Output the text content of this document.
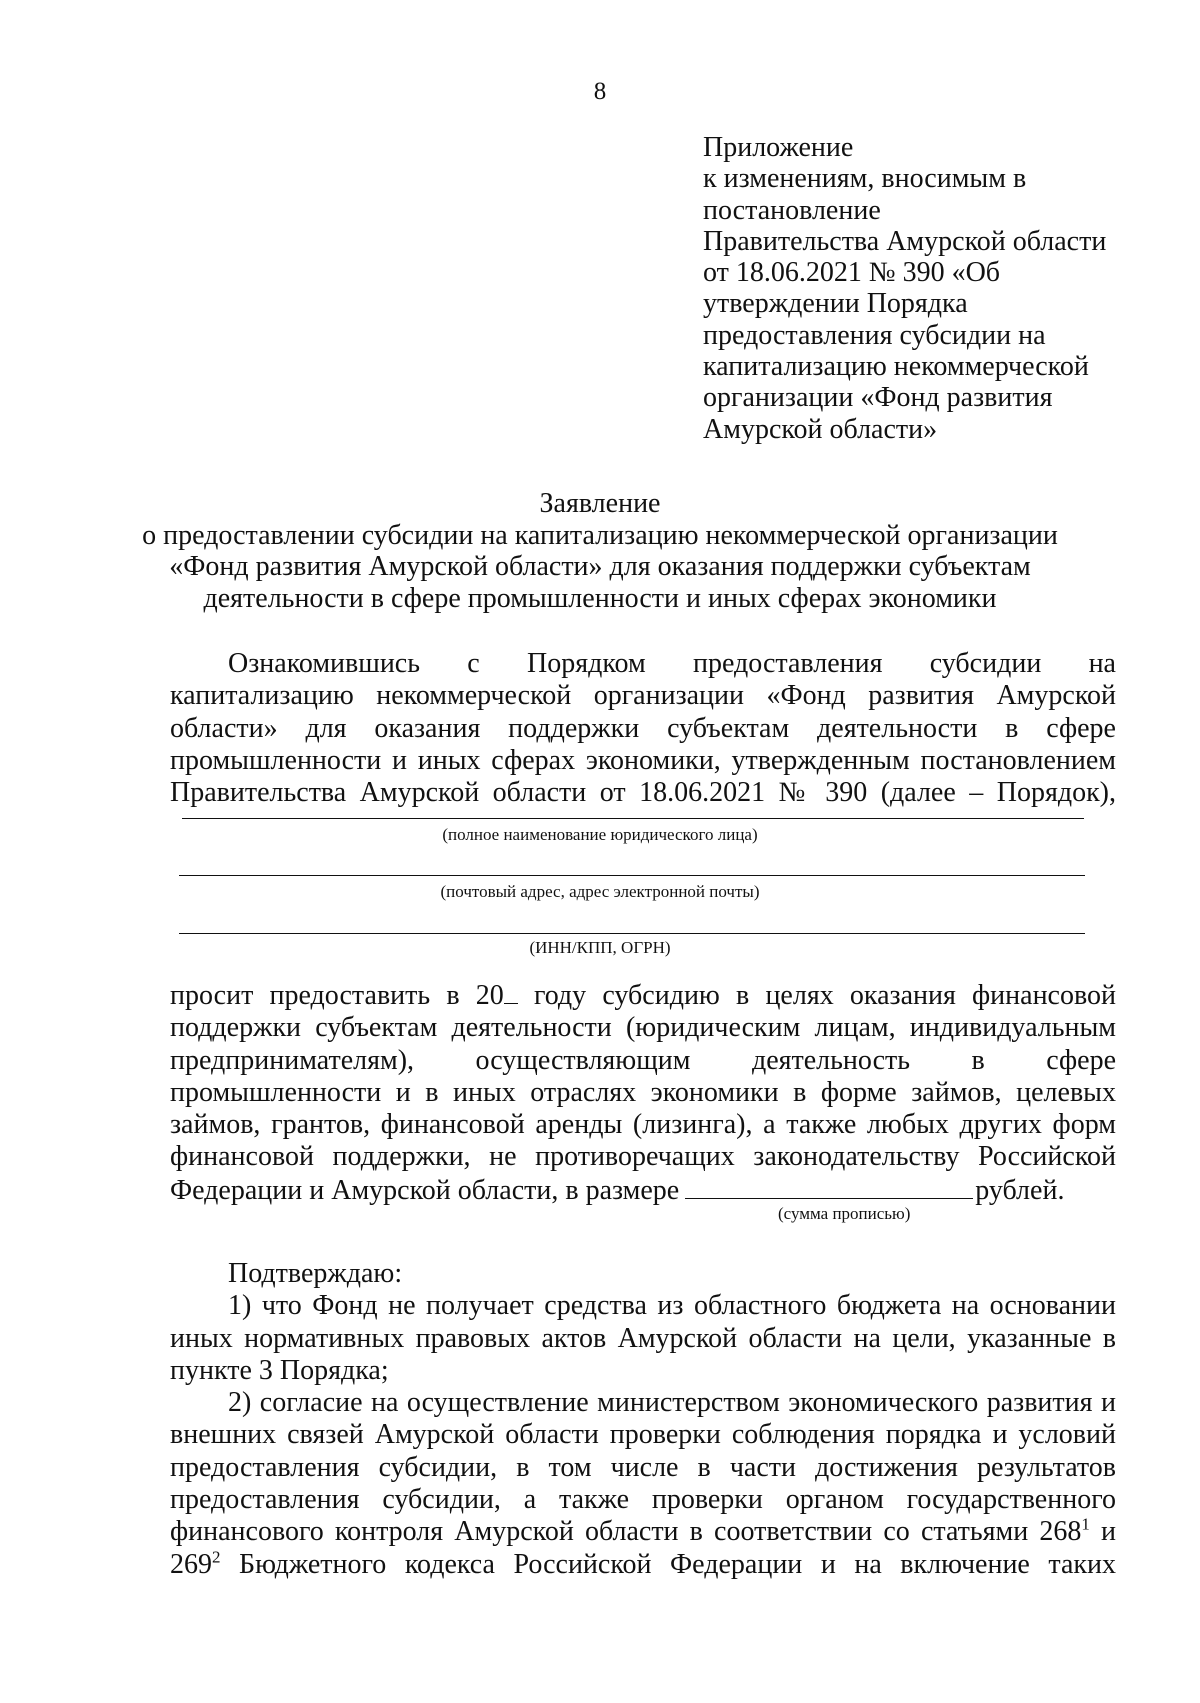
8
Приложение
к изменениям, вносимым в
постановление
Правительства Амурской области
от 18.06.2021 № 390 «Об
утверждении Порядка
предоставления субсидии на
капитализацию некоммерческой
организации «Фонд развития
Амурской области»
Заявление
о предоставлении субсидии на капитализацию некоммерческой организации
«Фонд развития Амурской области» для оказания поддержки субъектам
деятельности в сфере промышленности и иных сферах экономики
Ознакомившись с Порядком предоставления субсидии на
капитализацию некоммерческой организации «Фонд развития Амурской
области» для оказания поддержки субъектам деятельности в сфере
промышленности и иных сферах экономики, утвержденным постановлением
Правительства Амурской области от 18.06.2021 № 390 (далее – Порядок),
(полное наименование юридического лица)
(почтовый адрес, адрес электронной почты)
(ИНН/КПП, ОГРН)
просит предоставить в 20 году субсидию в целях оказания финансовой
поддержки субъектам деятельности (юридическим лицам, индивидуальным
предпринимателям), осуществляющим деятельность в сфере
промышленности и в иных отраслях экономики в форме займов, целевых
займов, грантов, финансовой аренды (лизинга), а также любых других форм
финансовой поддержки, не противоречащих законодательству Российской
Федерации и Амурской области, в размере	рублей.
(сумма прописью)
Подтверждаю:
1) что Фонд не получает средства из областного бюджета на основании
иных нормативных правовых актов Амурской области на цели, указанные в
пункте 3 Порядка;
2) согласие на осуществление министерством экономического развития и
внешних связей Амурской области проверки соблюдения порядка и условий
предоставления субсидии, в том числе в части достижения результатов
предоставления субсидии, а также проверки органом государственного
финансового контроля Амурской области в соответствии со статьями $268^1$ и
$269^2$ Бюджетного кодекса Российской Федерации и на включение таких
